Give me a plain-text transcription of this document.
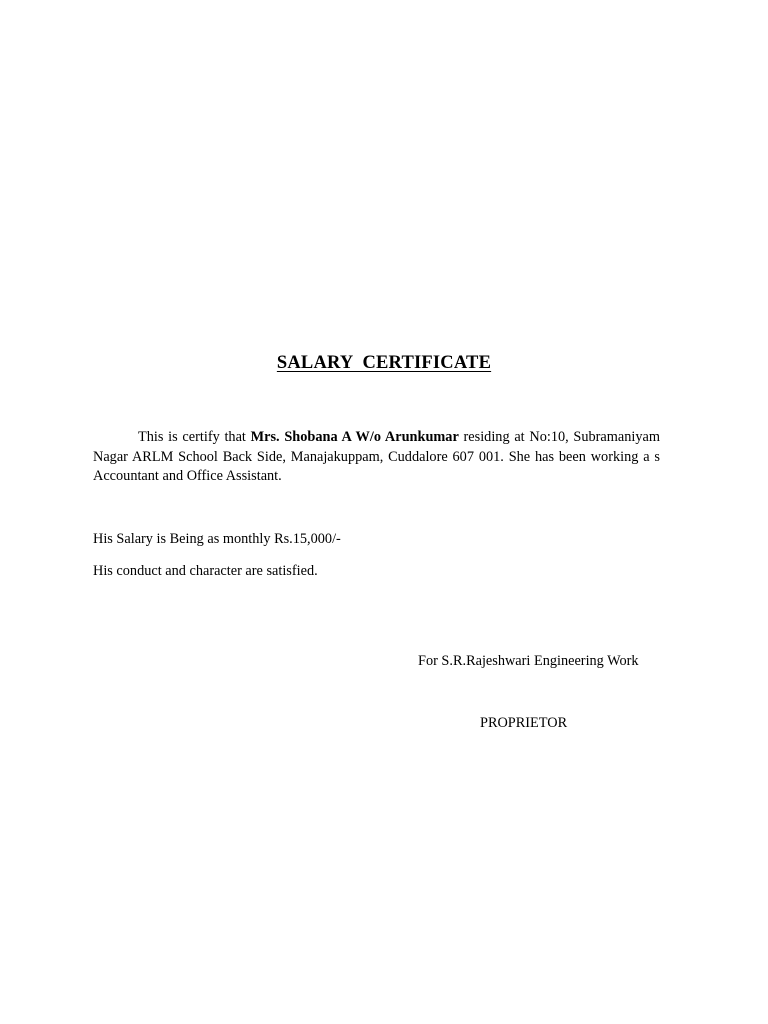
SALARY  CERTIFICATE
This is certify that Mrs. Shobana A W/o Arunkumar residing at No:10, Subramaniyam Nagar ARLM School Back Side, Manajakuppam, Cuddalore 607 001. She has been working a s Accountant and Office Assistant.
His Salary is Being as monthly Rs.15,000/-
His conduct and character are satisfied.
For S.R.Rajeshwari Engineering Work
PROPRIETOR
